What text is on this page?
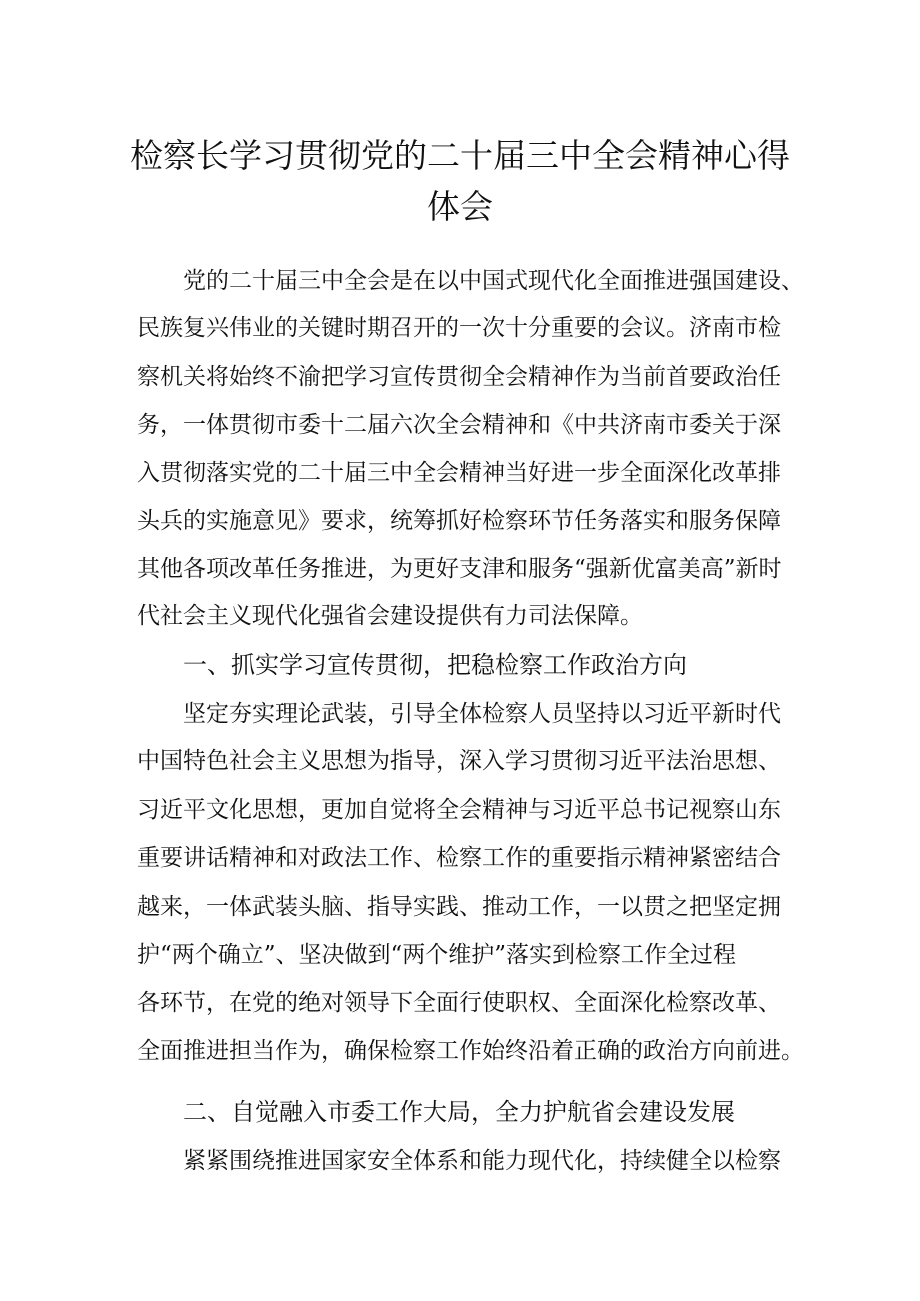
检察长学习贯彻党的二十届三中全会精神心得
体会
党的二十届三中全会是在以中国式现代化全面推进强国建设、
民族复兴伟业的关键时期召开的一次十分重要的会议。济南市检
察机关将始终不渝把学习宣传贯彻全会精神作为当前首要政治任
务，一体贯彻市委十二届六次全会精神和《中共济南市委关于深
入贯彻落实党的二十届三中全会精神当好进一步全面深化改革排
头兵的实施意见》要求，统筹抓好检察环节任务落实和服务保障
其他各项改革任务推进，为更好支津和服务“强新优富美高”新时
代社会主义现代化强省会建设提供有力司法保障。
一、抓实学习宣传贯彻，把稳检察工作政治方向
坚定夯实理论武装，引导全体检察人员坚持以习近平新时代
中国特色社会主义思想为指导，深入学习贯彻习近平法治思想、
习近平文化思想，更加自觉将全会精神与习近平总书记视察山东
重要讲话精神和对政法工作、检察工作的重要指示精神紧密结合
越来，一体武装头脑、指导实践、推动工作，一以贯之把坚定拥
护“两个确立”、坚决做到“两个维护”落实到检察工作全过程
各环节，在党的绝对领导下全面行使职权、全面深化检察改革、
全面推进担当作为，确保检察工作始终沿着正确的政治方向前进。
二、自觉融入市委工作大局，全力护航省会建设发展
紧紧围绕推进国家安全体系和能力现代化，持续健全以检察
